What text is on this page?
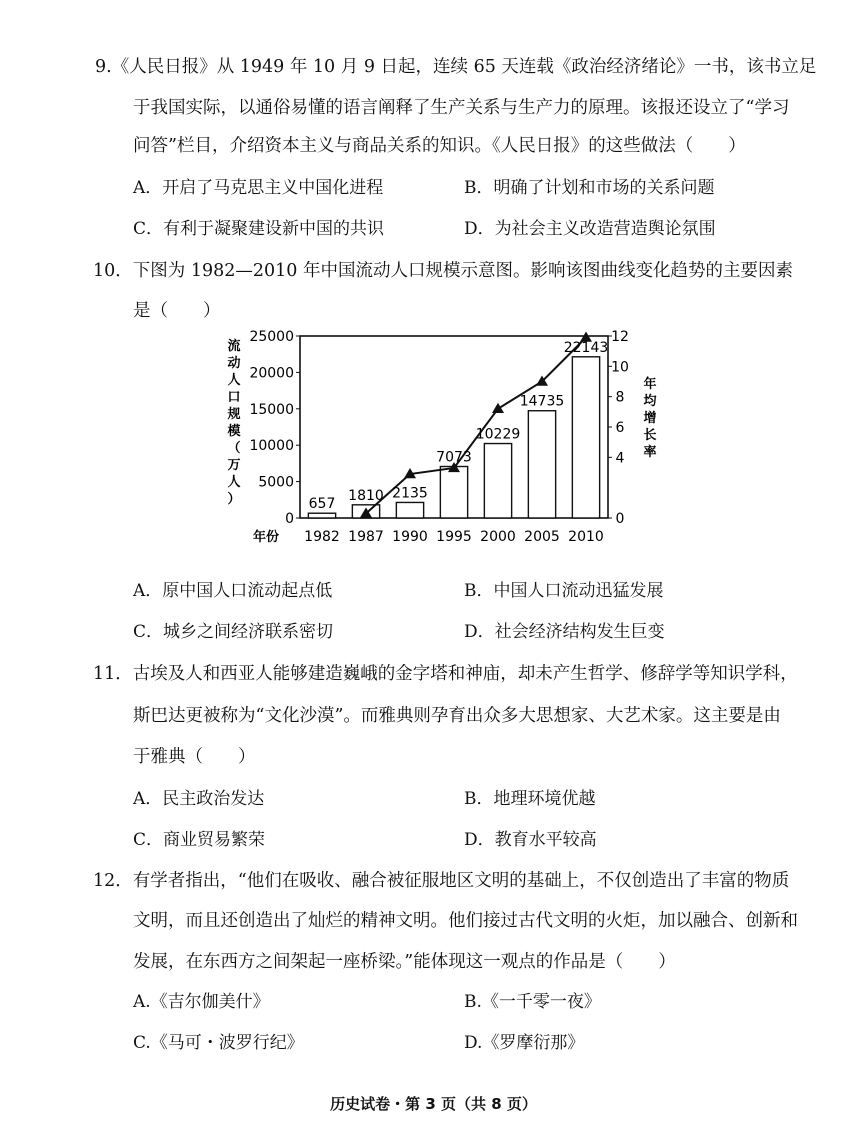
9.《人民日报》从 1949 年 10 月 9 日起，连续 65 天连载《政治经济绪论》一书，该书立足
于我国实际，以通俗易懂的语言阐释了生产关系与生产力的原理。该报还设立了“学习
问答”栏目，介绍资本主义与商品关系的知识。《人民日报》的这些做法（　　）
A．开启了马克思主义中国化进程	B．明确了计划和市场的关系问题
C．有利于凝聚建设新中国的共识	D．为社会主义改造营造舆论氛围
10．下图为 1982—2010 年中国流动人口规模示意图。影响该图曲线变化趋势的主要因素
是（　　）
0
5000
10000
15000
20000
25000
0
4
6
8
10
12
657
1810 2135
7073
10229
14735
22143
1982 1987 1990 1995 2000 2005 2010
年份
流
动
人
口
规
模
（
万
人
）
年
均
增
长
率
A．原中国人口流动起点低	B．中国人口流动迅猛发展
C．城乡之间经济联系密切	D．社会经济结构发生巨变
11．古埃及人和西亚人能够建造巍峨的金字塔和神庙，却未产生哲学、修辞学等知识学科，
斯巴达更被称为“文化沙漠”。而雅典则孕育出众多大思想家、大艺术家。这主要是由
于雅典（　　）
A．民主政治发达	B．地理环境优越
C．商业贸易繁荣	D．教育水平较高
12．有学者指出，“他们在吸收、融合被征服地区文明的基础上，不仅创造出了丰富的物质
文明，而且还创造出了灿烂的精神文明。他们接过古代文明的火炬，加以融合、创新和
发展，在东西方之间架起一座桥梁。”能体现这一观点的作品是（　　）
A.《吉尔伽美什》	B.《一千零一夜》
C.《马可・波罗行纪》	D.《罗摩衍那》
历史试卷・第 3 页（共 8 页）
